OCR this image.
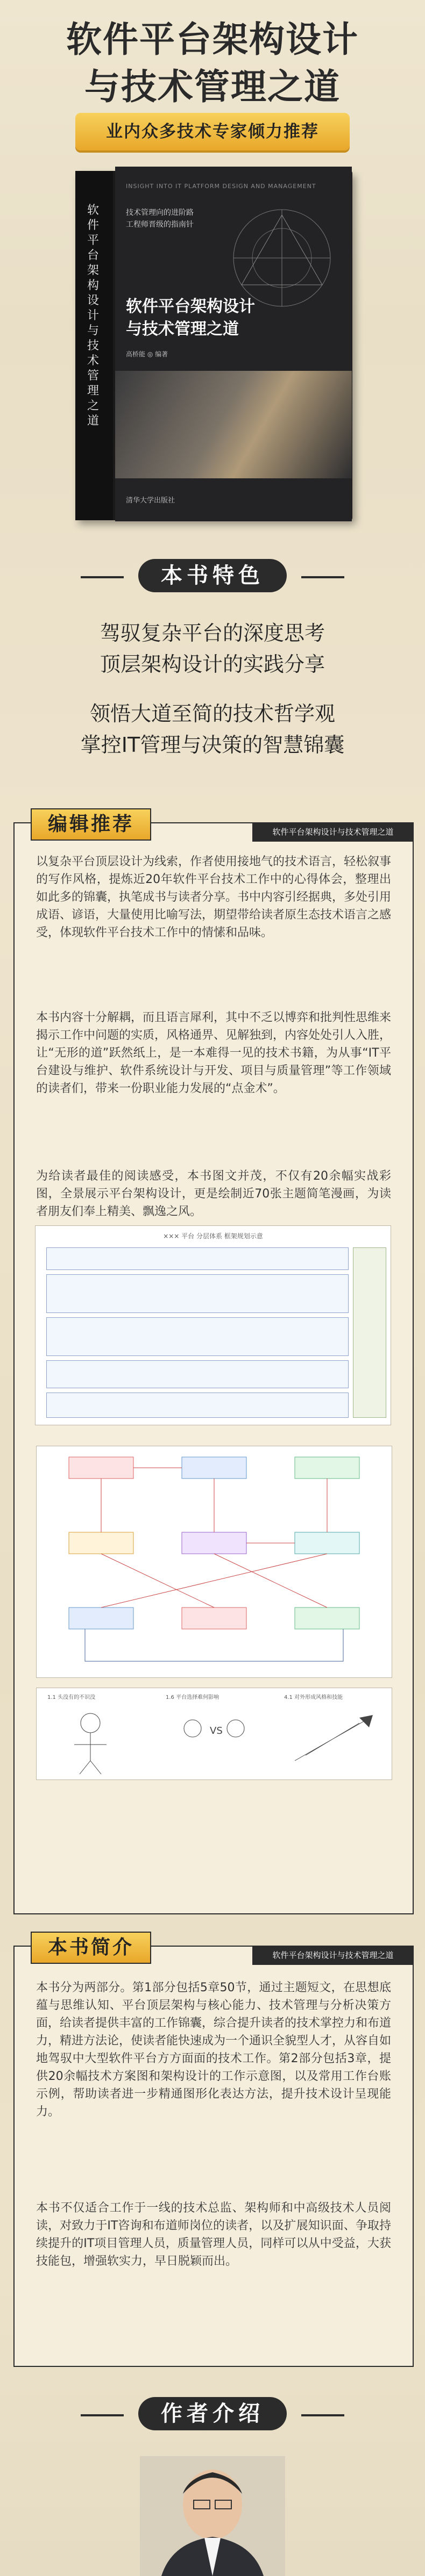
软件平台架构设计
与技术管理之道
业内众多技术专家倾力推荐
软件平台架构设计与技术管理之道
INSIGHT INTO IT PLATFORM DESIGN AND MANAGEMENT
技术管理向的进阶路
工程师晋级的指南针
软件平台架构设计
与技术管理之道
高桥能 ◎ 编著
清华大学出版社
本书特色
驾驭复杂平台的深度思考
顶层架构设计的实践分享
领悟大道至简的技术哲学观
掌控IT管理与决策的智慧锦囊
编辑推荐	软件平台架构设计与技术管理之道
以复杂平台顶层设计为线索，作者使用接地气的技术语言，轻松叙事的写作风格，提炼近20年软件平台技术工作中的心得体会，整理出如此多的锦囊，执笔成书与读者分享。书中内容引经据典，多处引用成语、谚语，大量使用比喻写法，期望带给读者原生态技术语言之感受，体现软件平台技术工作中的情愫和品味。
本书内容十分解耦，而且语言犀利，其中不乏以博弈和批判性思维来揭示工作中问题的实质，风格通畀、见解独到，内容处处引人入胜，让“无形的道”跃然纸上，是一本难得一见的技术书籍，为从事“IT平台建设与维护、软件系统设计与开发、项目与质量管理”等工作领域的读者们，带来一份职业能力发展的“点金术”。
为给读者最佳的阅读感受，本书图文并茂，不仅有20余幅实战彩图，全景展示平台架构设计，更是绘制近70张主题简笔漫画，为读者朋友们奉上精美、飘逸之风。
××× 平台 分层体系 框架规划示意
1.1 头没有的不识没	1.6 平台选择难何影响	4.1 对外形成风格和技能
VS
本书简介	软件平台架构设计与技术管理之道
本书分为两部分。第1部分包括5章50节，通过主题短文，在思想底蕴与思维认知、平台顶层架构与核心能力、技术管理与分析决策方面，给读者提供丰富的工作锦囊，综合提升读者的技术掌控力和布道力，精进方法论，使读者能快速成为一个通识全貌型人才，从容自如地驾驭中大型软件平台方方面面的技术工作。第2部分包括3章，提供20余幅技术方案图和架构设计的工作示意图，以及常用工作台账示例，帮助读者进一步精通图形化表达方法，提升技术设计呈现能力。
本书不仅适合工作于一线的技术总监、架构师和中高级技术人员阅读，对致力于IT咨询和布道师岗位的读者，以及扩展知识面、争取持续提升的IT项目管理人员，质量管理人员，同样可以从中受益，大获技能包，增强软实力，早日脱颖而出。
作者介绍
